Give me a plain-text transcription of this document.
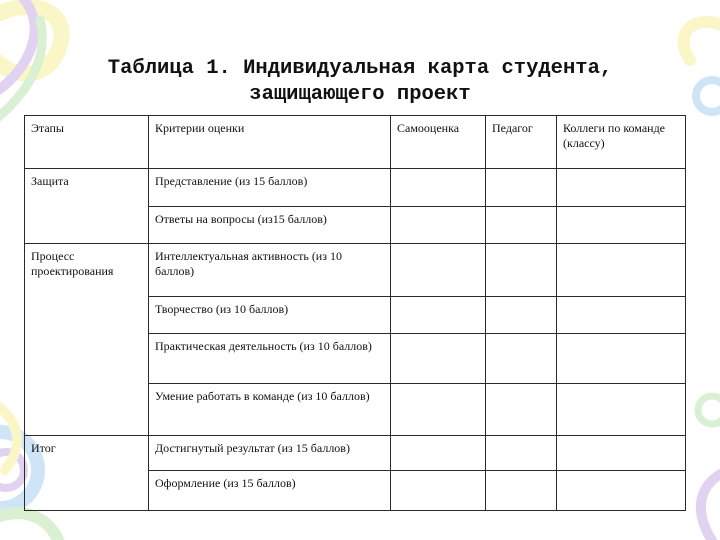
Таблица 1. Индивидуальная карта студента,
защищающего проект
Этапы	Критерии оценки	Самооценка	Педагог	Коллеги по команде (классу)
Защита	Представление (из 15 баллов)			
	Ответы на вопросы (из15 баллов)			
Процесс проектирования	Интеллектуальная активность (из 10 баллов)			
	Творчество (из 10 баллов)			
	Практическая деятельность (из 10 баллов)			
	Умение работать в команде (из 10 баллов)			
Итог	Достигнутый результат (из 15 баллов)			
	Оформление (из 15 баллов)			
